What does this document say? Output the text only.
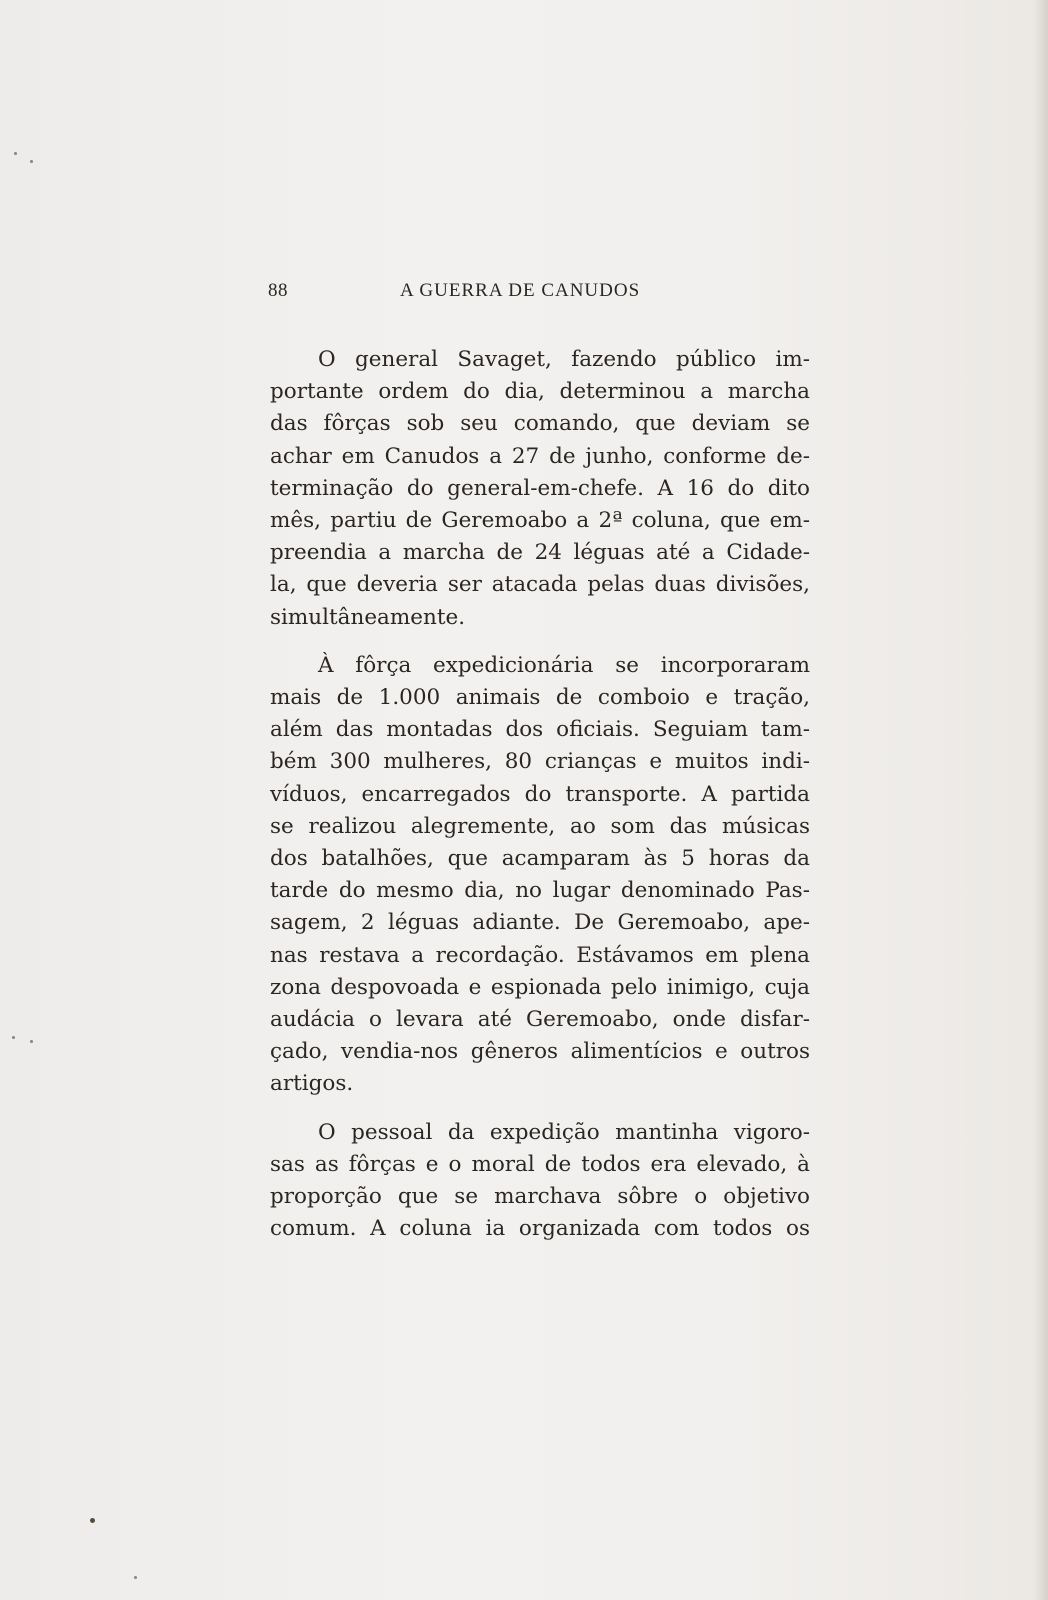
88	A GUERRA DE CANUDOS
O general Savaget, fazendo público im-
portante ordem do dia, determinou a marcha
das fôrças sob seu comando, que deviam se
achar em Canudos a 27 de junho, conforme de-
terminação do general-em-chefe. A 16 do dito
mês, partiu de Geremoabo a 2ª coluna, que em-
preendia a marcha de 24 léguas até a Cidade-
la, que deveria ser atacada pelas duas divisões,
simultâneamente.
À fôrça expedicionária se incorporaram
mais de 1.000 animais de comboio e tração,
além das montadas dos oficiais. Seguiam tam-
bém 300 mulheres, 80 crianças e muitos indi-
víduos, encarregados do transporte. A partida
se realizou alegremente, ao som das músicas
dos batalhões, que acamparam às 5 horas da
tarde do mesmo dia, no lugar denominado Pas-
sagem, 2 léguas adiante. De Geremoabo, ape-
nas restava a recordação. Estávamos em plena
zona despovoada e espionada pelo inimigo, cuja
audácia o levara até Geremoabo, onde disfar-
çado, vendia-nos gêneros alimentícios e outros
artigos.
O pessoal da expedição mantinha vigoro-
sas as fôrças e o moral de todos era elevado, à
proporção que se marchava sôbre o objetivo
comum. A coluna ia organizada com todos os
